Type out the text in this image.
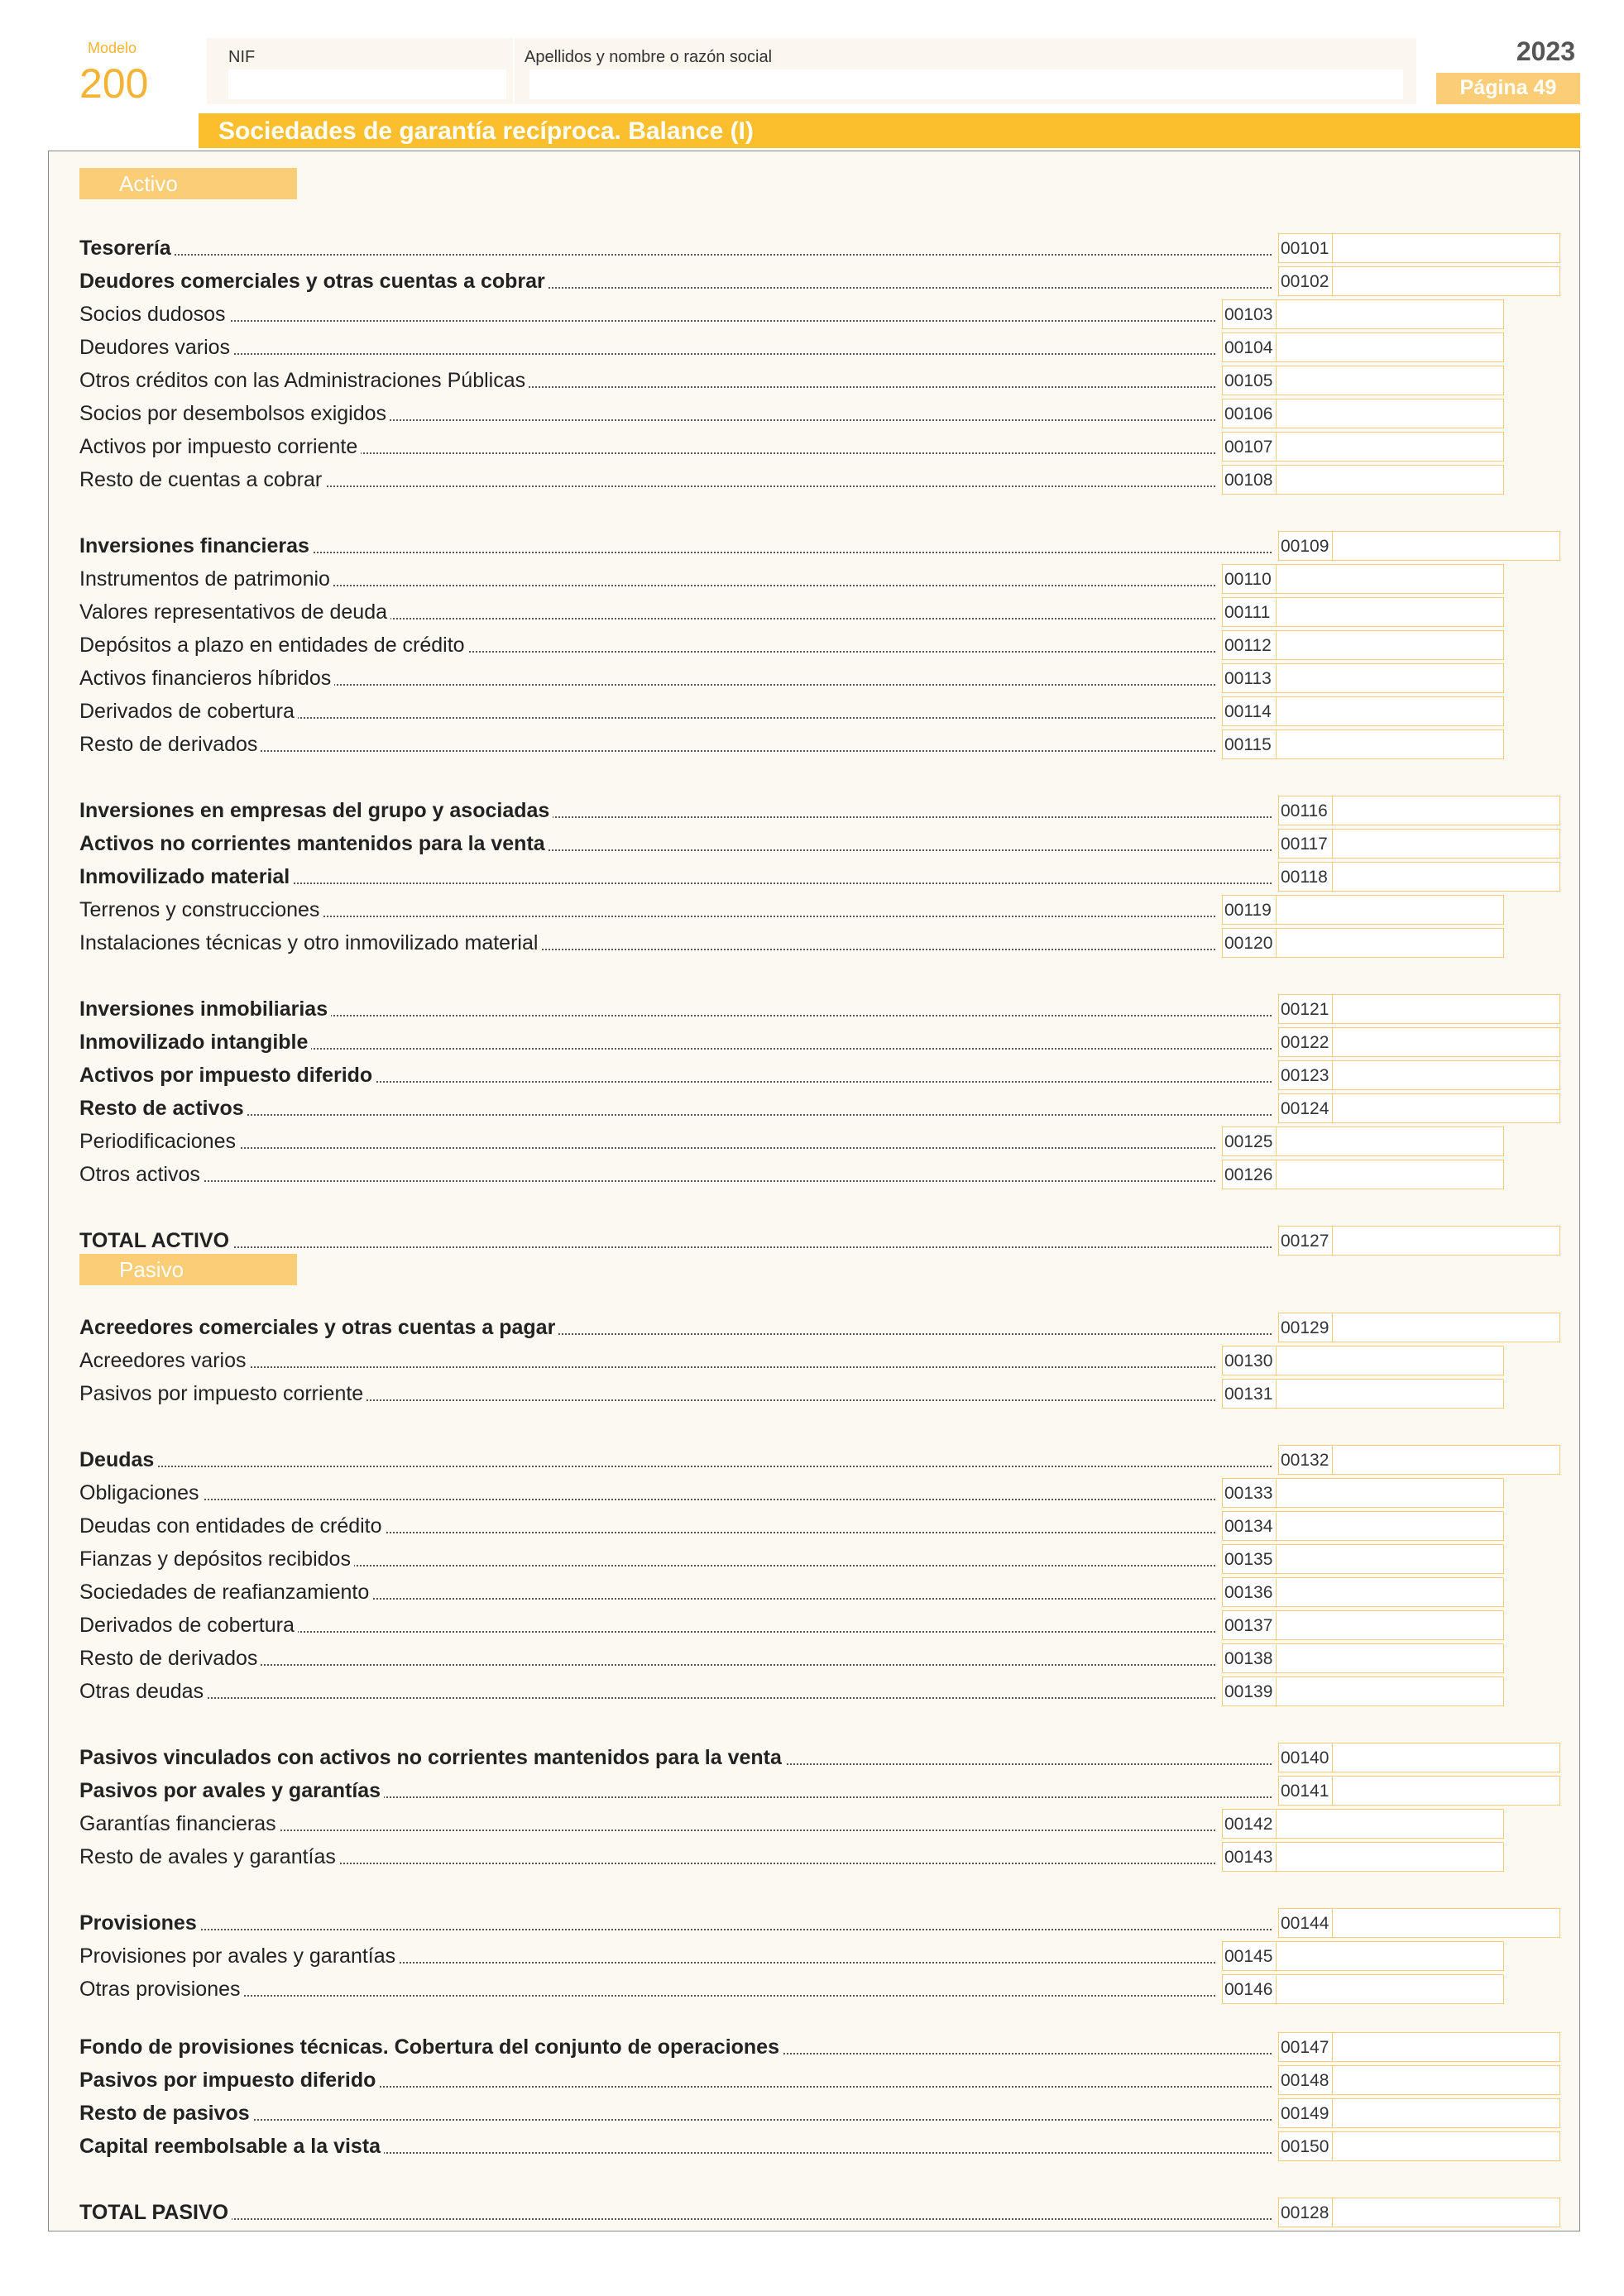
Modelo
200
NIF	Apellidos y nombre o razón social	2023
Página 49
Sociedades de garantía recíproca. Balance (I)
Activo
Pasivo
Tesorería	00101
Deudores comerciales y otras cuentas a cobrar	00102
Socios dudosos	00103
Deudores varios	00104
Otros créditos con las Administraciones Públicas	00105
Socios por desembolsos exigidos	00106
Activos por impuesto corriente	00107
Resto de cuentas a cobrar	00108
Inversiones financieras	00109
Instrumentos de patrimonio	00110
Valores representativos de deuda	00111
Depósitos a plazo en entidades de crédito	00112
Activos financieros híbridos	00113
Derivados de cobertura	00114
Resto de derivados	00115
Inversiones en empresas del grupo y asociadas	00116
Activos no corrientes mantenidos para la venta	00117
Inmovilizado material	00118
Terrenos y construcciones	00119
Instalaciones técnicas y otro inmovilizado material	00120
Inversiones inmobiliarias	00121
Inmovilizado intangible	00122
Activos por impuesto diferido	00123
Resto de activos	00124
Periodificaciones	00125
Otros activos	00126
TOTAL ACTIVO	00127
Acreedores comerciales y otras cuentas a pagar	00129
Acreedores varios	00130
Pasivos por impuesto corriente	00131
Deudas	00132
Obligaciones	00133
Deudas con entidades de crédito	00134
Fianzas y depósitos recibidos	00135
Sociedades de reafianzamiento	00136
Derivados de cobertura	00137
Resto de derivados	00138
Otras deudas	00139
Pasivos vinculados con activos no corrientes mantenidos para la venta	00140
Pasivos por avales y garantías	00141
Garantías financieras	00142
Resto de avales y garantías	00143
Provisiones	00144
Provisiones por avales y garantías	00145
Otras provisiones	00146
Fondo de provisiones técnicas. Cobertura del conjunto de operaciones	00147
Pasivos por impuesto diferido	00148
Resto de pasivos	00149
Capital reembolsable a la vista	00150
TOTAL PASIVO	00128
